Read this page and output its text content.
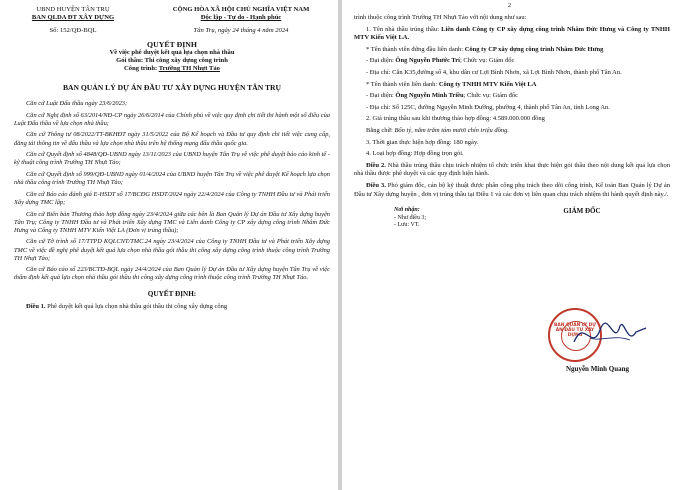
UBND HUYỆN TÂN TRỤ
BAN QLDA ĐT XÂY DỰNG
Số: 152/QĐ-BQL
CỘNG HÒA XÃ HỘI CHỦ NGHĨA VIỆT NAM
Độc lập - Tự do - Hạnh phúc
Tân Trụ, ngày 24 tháng 4 năm 2024
QUYẾT ĐỊNH
Về việc phê duyệt kết quả lựa chọn nhà thầu
Gói thầu: Thi công xây dựng công trình
Công trình: Trường TH Nhựt Tảo
BAN QUẢN LÝ DỰ ÁN ĐẦU TƯ XÂY DỰNG HUYỆN TÂN TRỤ

Căn cứ Luật Đấu thầu ngày 23/6/2023;

Căn cứ Nghị định số 63/2014/NĐ-CP ngày 26/6/2014 của Chính phủ về việc quy định chi tiết thi hành một số điều của Luật Đấu thầu về lựa chọn nhà thầu;

Căn cứ Thông tư 08/2022/TT-BKHĐT ngày 31/5/2022 của Bộ Kế hoạch và Đầu tư quy định chi tiết việc cung cấp, đăng tải thông tin về đấu thầu và lựa chọn nhà thầu trên hệ thống mạng đấu thầu quốc gia.

Căn cứ Quyết định số 4848/QĐ-UBND ngày 13/11/2023 của UBND huyện Tân Trụ về việc phê duyệt báo cáo kinh tế - kỹ thuật công trình Trường TH Nhựt Tảo;

Căn cứ Quyết định số 999/QĐ-UBND ngày 01/4/2024 của UBND huyện Tân Trụ về việc phê duyệt Kế hoạch lựa chọn nhà thầu công trình Trường TH Nhựt Tảo;

Căn cứ Báo cáo đánh giá E-HSDT số 17/BCĐG HSDT/2024 ngày 22/4/2024 của Công ty TNHH Đầu tư và Phát triển Xây dựng TMC lập;

Căn cứ Biên bản Thương thảo hợp đồng ngày 23/4/2024 giữa các bên là Ban Quản lý Dự án Đầu tư Xây dựng huyện Tân Trụ; Công ty TNHH Đầu tư và Phát triển Xây dựng TMC và Liên danh Công ty CP xây dựng công trình Nhâm Đức Hưng và Công ty TNHH MTV Kiến Việt LA (Đơn vị trúng thầu);

Căn cứ Tờ trình số 17/TTPD KQLCNT/TMC.24 ngày 23/4/2024 của Công ty TNHH Đầu tư và Phát triển Xây dựng TMC về việc đề nghị phê duyệt kết quả lựa chọn nhà thầu gói thầu thi công xây dựng công trình thuộc công trình Trường TH Nhựt Tảo;

Căn cứ Báo cáo số 223/BCTĐ-BQL ngày 24/4/2024 của Ban Quản lý Dự án Đầu tư Xây dựng huyện Tân Trụ về việc thẩm định kết quả lựa chọn nhà thầu gói thầu thi công xây dựng công trình thuộc công trình Trường TH Nhựt Tảo.

QUYẾT ĐỊNH:

Điều 1. Phê duyệt kết quả lựa chọn nhà thầu gói thầu thi công xây dựng công

2

trình thuộc công trình Trường TH Nhựt Tảo với nội dung như sau:

1. Tên nhà thầu trúng thầu: Liên danh Công ty CP xây dựng công trình Nhâm Đức Hưng và Công ty TNHH MTV Kiến Việt LA.

* Tên thành viên đứng đầu liên danh: Công ty CP xây dựng công trình Nhâm Đức Hưng

- Đại diện: Ông Nguyễn Phước Trí; Chức vụ: Giám đốc

- Địa chỉ: Căn K35,đường số 4, khu dân cư Lợi Bình Nhơn, xã Lợi Bình Nhơn, thành phố Tân An.

* Tên thành viên liên danh: Công ty TNHH MTV Kiến Việt LA

- Đại diện: Ông Nguyễn Minh Triều; Chức vụ: Giám đốc

- Địa chỉ: Số 125C, đường Nguyễn Minh Đường, phường 4, thành phố Tân An, tỉnh Long An.

2. Giá trúng thầu sau khi thương thảo hợp đồng: 4.589.000.000 đồng

Bằng chữ: Bốn tỷ, năm trăm tám mươi chín triệu đồng.

3. Thời gian thực hiện hợp đồng: 180 ngày.

4. Loại hợp đồng: Hợp đồng trọn gói.

Điều 2. Nhà thầu trúng thầu chịu trách nhiệm tổ chức triển khai thực hiện gói thầu theo nội dung kết quả lựa chọn nhà thầu được phê duyệt và các quy định hiện hành.

Điều 3. Phó giám đốc, cán bộ kỹ thuật được phân công phụ trách theo dõi công trình, Kế toán Ban Quản lý Dự án Đầu tư Xây dựng huyện , đơn vị trúng thầu tại Điều 1 và các đơn vị liên quan chịu trách nhiệm thi hành quyết định này./.

Nơi nhận:
- Như điều 3;
- Lưu: VT.
GIÁM ĐỐC
BAN QUẢN LÝ DỰ ÁN ĐẦU TƯ XÂY DỰNG
Nguyễn Minh Quang
